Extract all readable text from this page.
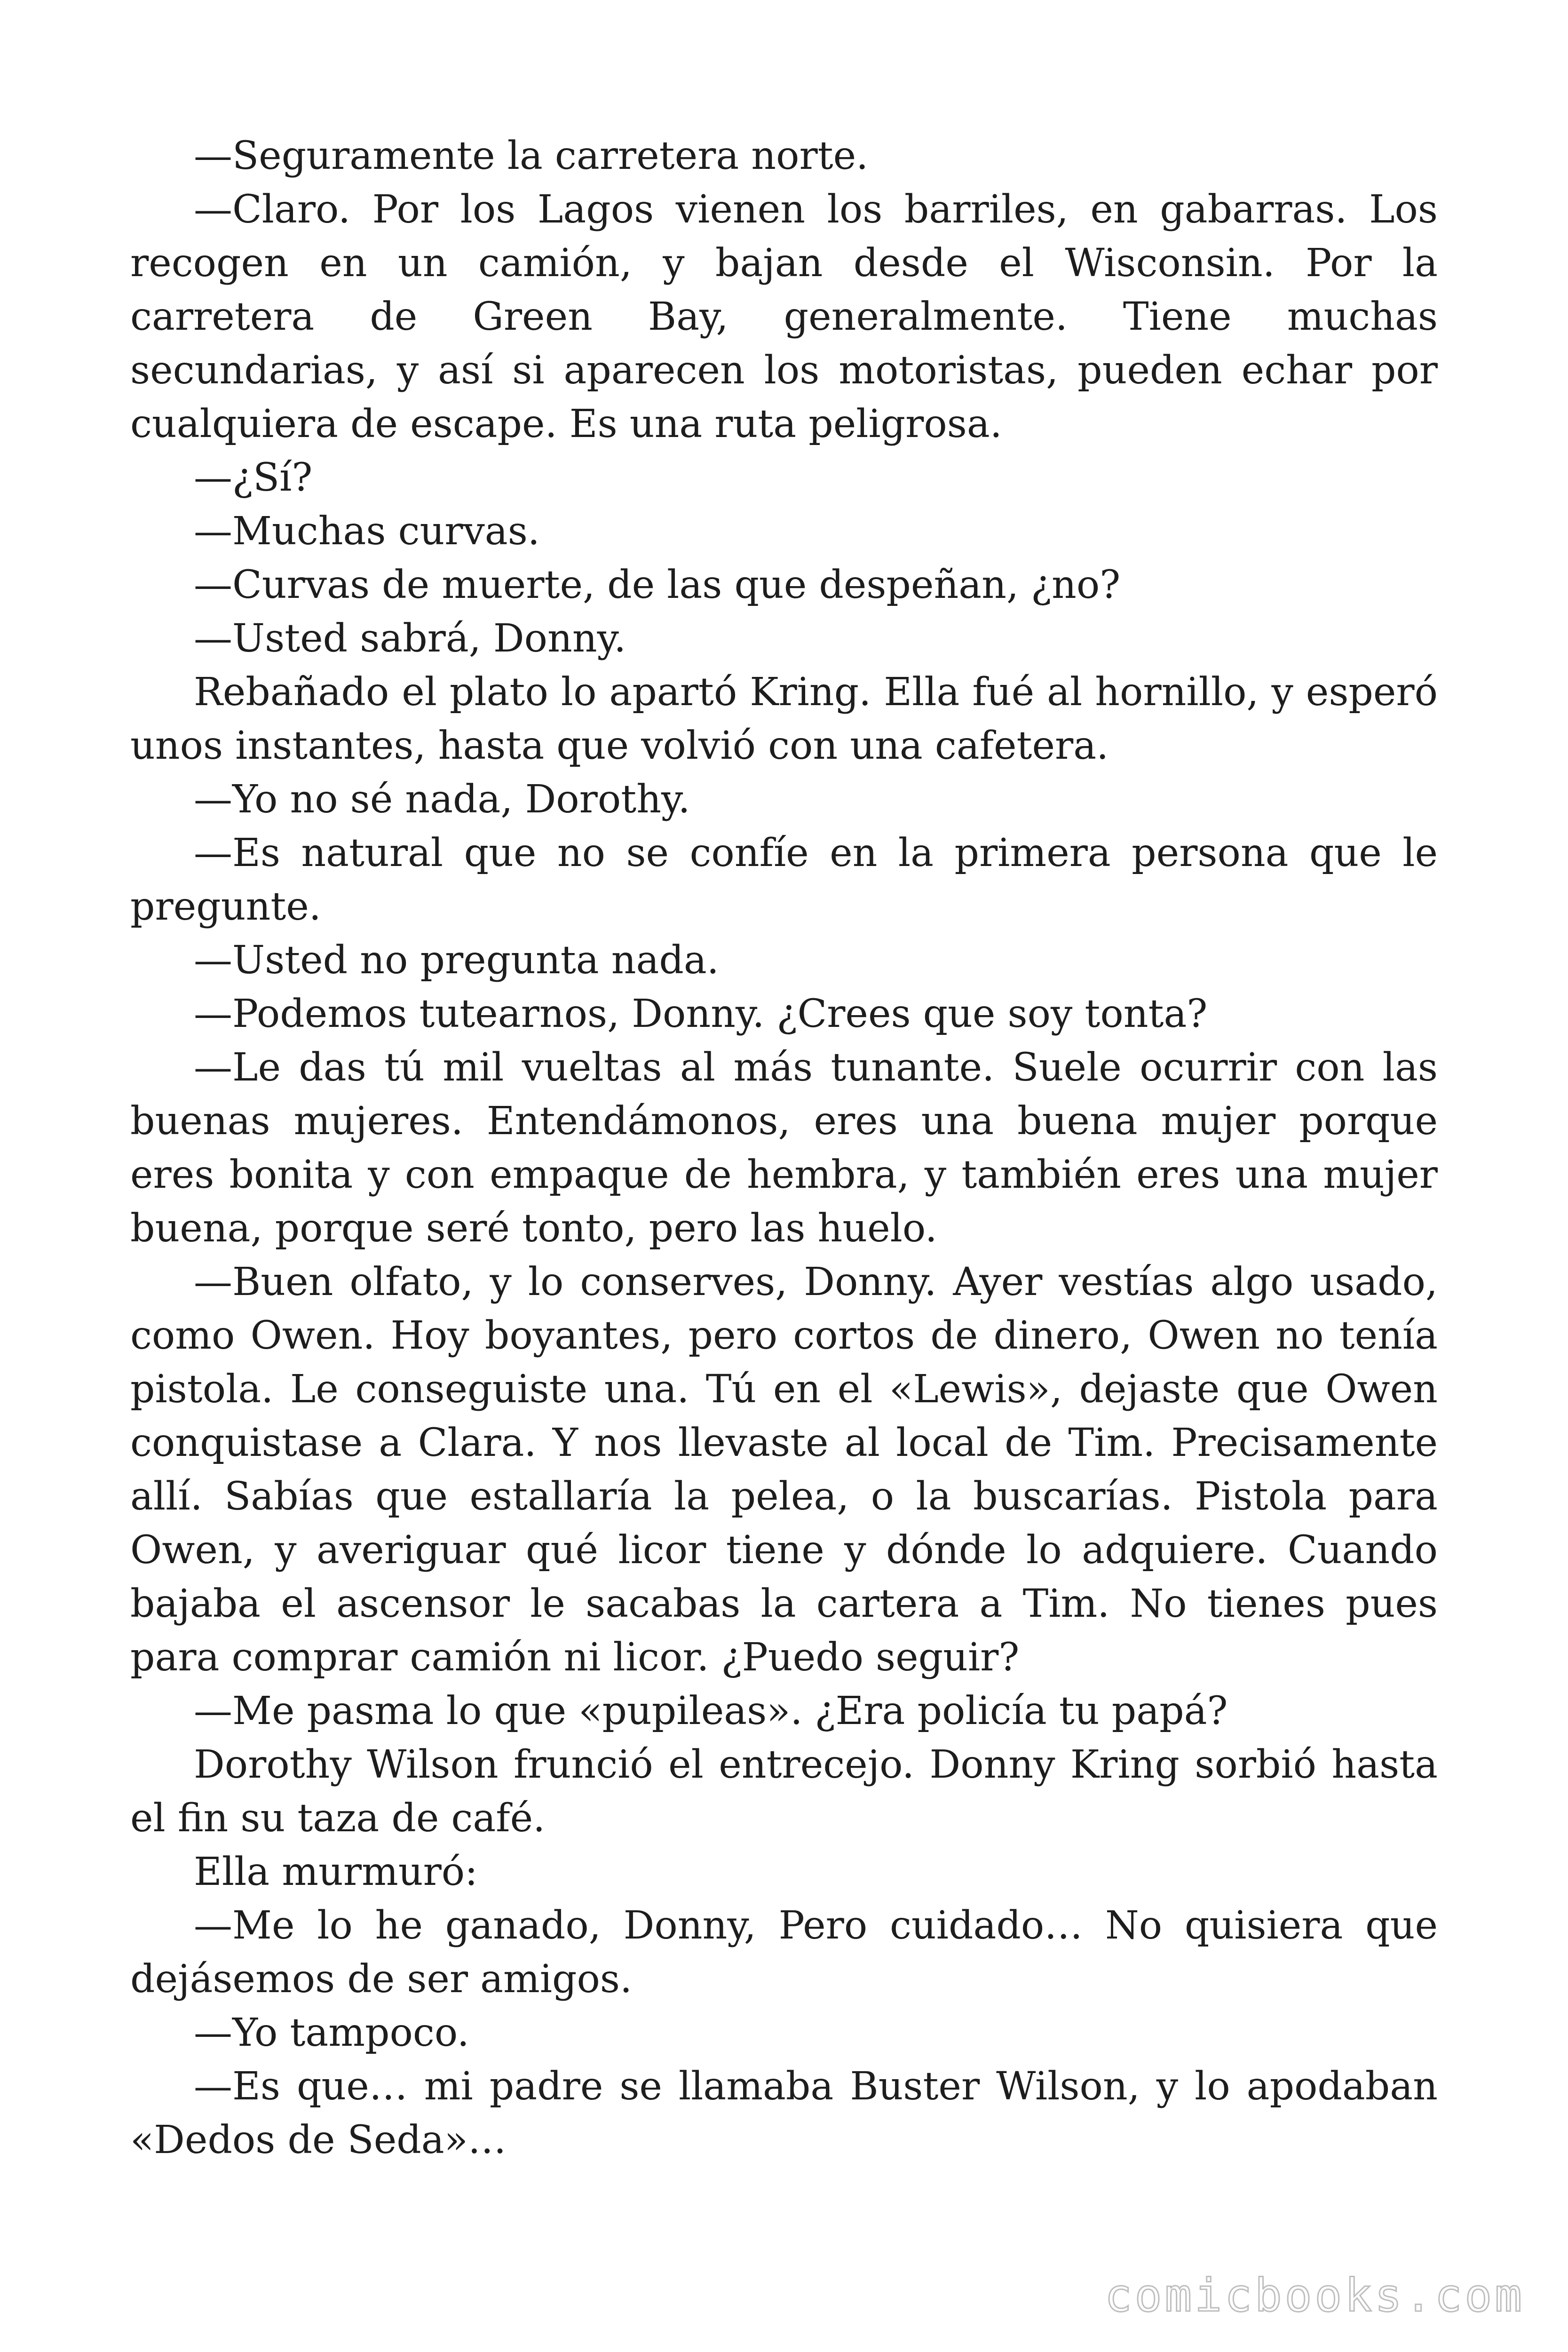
—Seguramente la carretera norte.

—Claro. Por los Lagos vienen los barriles, en gabarras. Los recogen en un camión, y bajan desde el Wisconsin. Por la carretera de Green Bay, generalmente. Tiene muchas secundarias, y así si aparecen los motoristas, pueden echar por cualquiera de escape. Es una ruta peligrosa.

—¿Sí?

—Muchas curvas.

—Curvas de muerte, de las que despeñan, ¿no?

—Usted sabrá, Donny.

Rebañado el plato lo apartó Kring. Ella fué al hornillo, y esperó unos instantes, hasta que volvió con una cafetera.

—Yo no sé nada, Dorothy.

—Es natural que no se confíe en la primera persona que le pregunte.

—Usted no pregunta nada.

—Podemos tutearnos, Donny. ¿Crees que soy tonta?

—Le das tú mil vueltas al más tunante. Suele ocurrir con las buenas mujeres. Entendámonos, eres una buena mujer porque eres bonita y con empaque de hembra, y también eres una mujer buena, porque seré tonto, pero las huelo.

—Buen olfato, y lo conserves, Donny. Ayer vestías algo usado, como Owen. Hoy boyantes, pero cortos de dinero, Owen no tenía pistola. Le conseguiste una. Tú en el «Lewis», dejaste que Owen conquistase a Clara. Y nos llevaste al local de Tim. Precisamente allí. Sabías que estallaría la pelea, o la buscarías. Pistola para Owen, y averiguar qué licor tiene y dónde lo adquiere. Cuando bajaba el ascensor le sacabas la cartera a Tim. No tienes pues para comprar camión ni licor. ¿Puedo seguir?

—Me pasma lo que «pupileas». ¿Era policía tu papá?

Dorothy Wilson frunció el entrecejo. Donny Kring sorbió hasta el fin su taza de café.

Ella murmuró:

—Me lo he ganado, Donny, Pero cuidado… No quisiera que dejásemos de ser amigos.

—Yo tampoco.

—Es que… mi padre se llamaba Buster Wilson, y lo apodaban «Dedos de Seda»…

comicbooks.com
